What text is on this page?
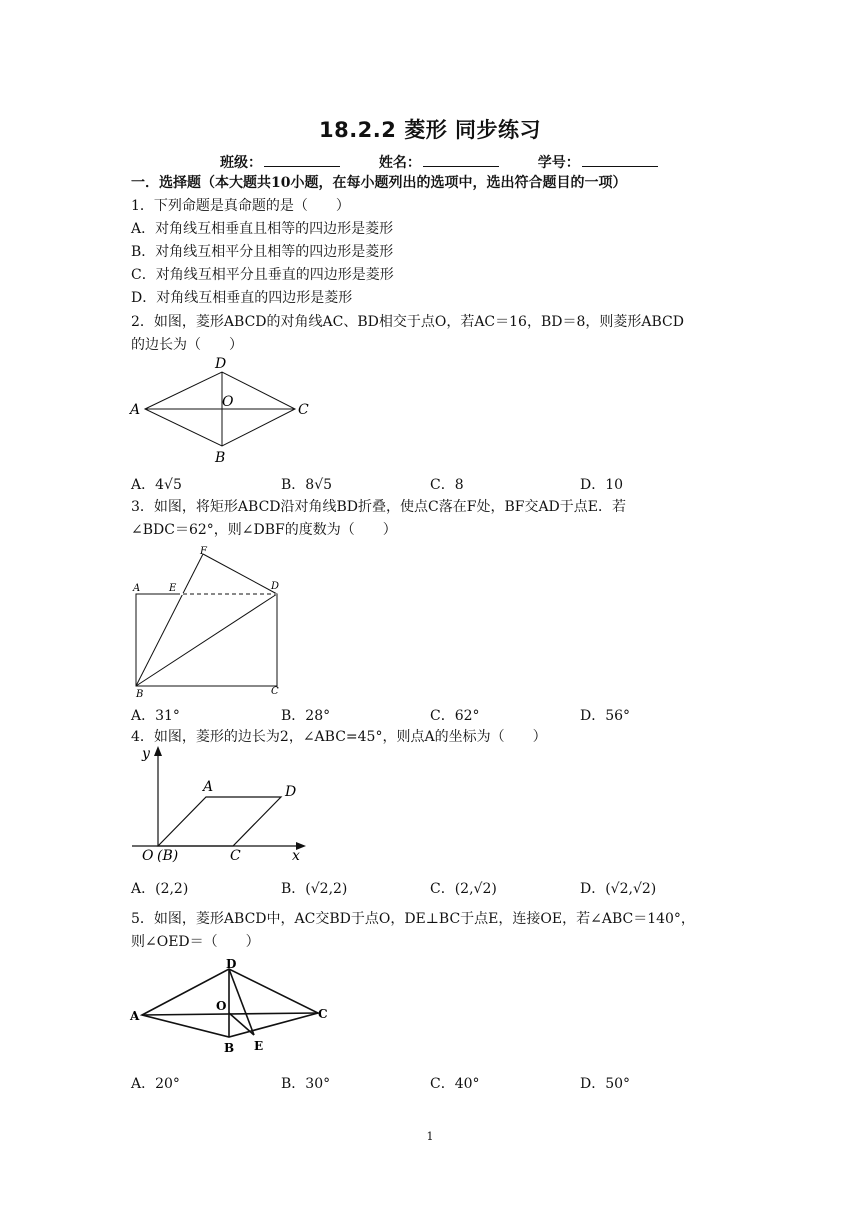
18.2.2 菱形 同步练习
班级：	姓名：	学号：
一．选择题（本大题共10小题，在每小题列出的选项中，选出符合题目的一项）
1．下列命题是真命题的是（　　）
A．对角线互相垂直且相等的四边形是菱形
B．对角线互相平分且相等的四边形是菱形
C．对角线互相平分且垂直的四边形是菱形
D．对角线互相垂直的四边形是菱形
2．如图，菱形ABCD的对角线AC、BD相交于点O，若AC＝16，BD＝8，则菱形ABCD
的边长为（　　）
A
B
C
D
O
A．4√5	B．8√5	C．8	D．10
3．如图，将矩形ABCD沿对角线BD折叠，使点C落在F处，BF交AD于点E．若
∠BDC＝62°，则∠DBF的度数为（　　）
A
B	C
D
E
F
A．31°	B．28°	C．62°	D．56°
4．如图，菱形的边长为2，∠ABC=45°，则点A的坐标为（　　）
y
x
A	D
C
O (B)
A．(2,2)	B．(√2,2)	C．(2,√2)	D．(√2,√2)
5．如图，菱形ABCD中，AC交BD于点O，DE⊥BC于点E，连接OE，若∠ABC＝140°，
则∠OED＝（　　）
A
B
C
D
O
E
A．20°	B．30°	C．40°	D．50°
1
